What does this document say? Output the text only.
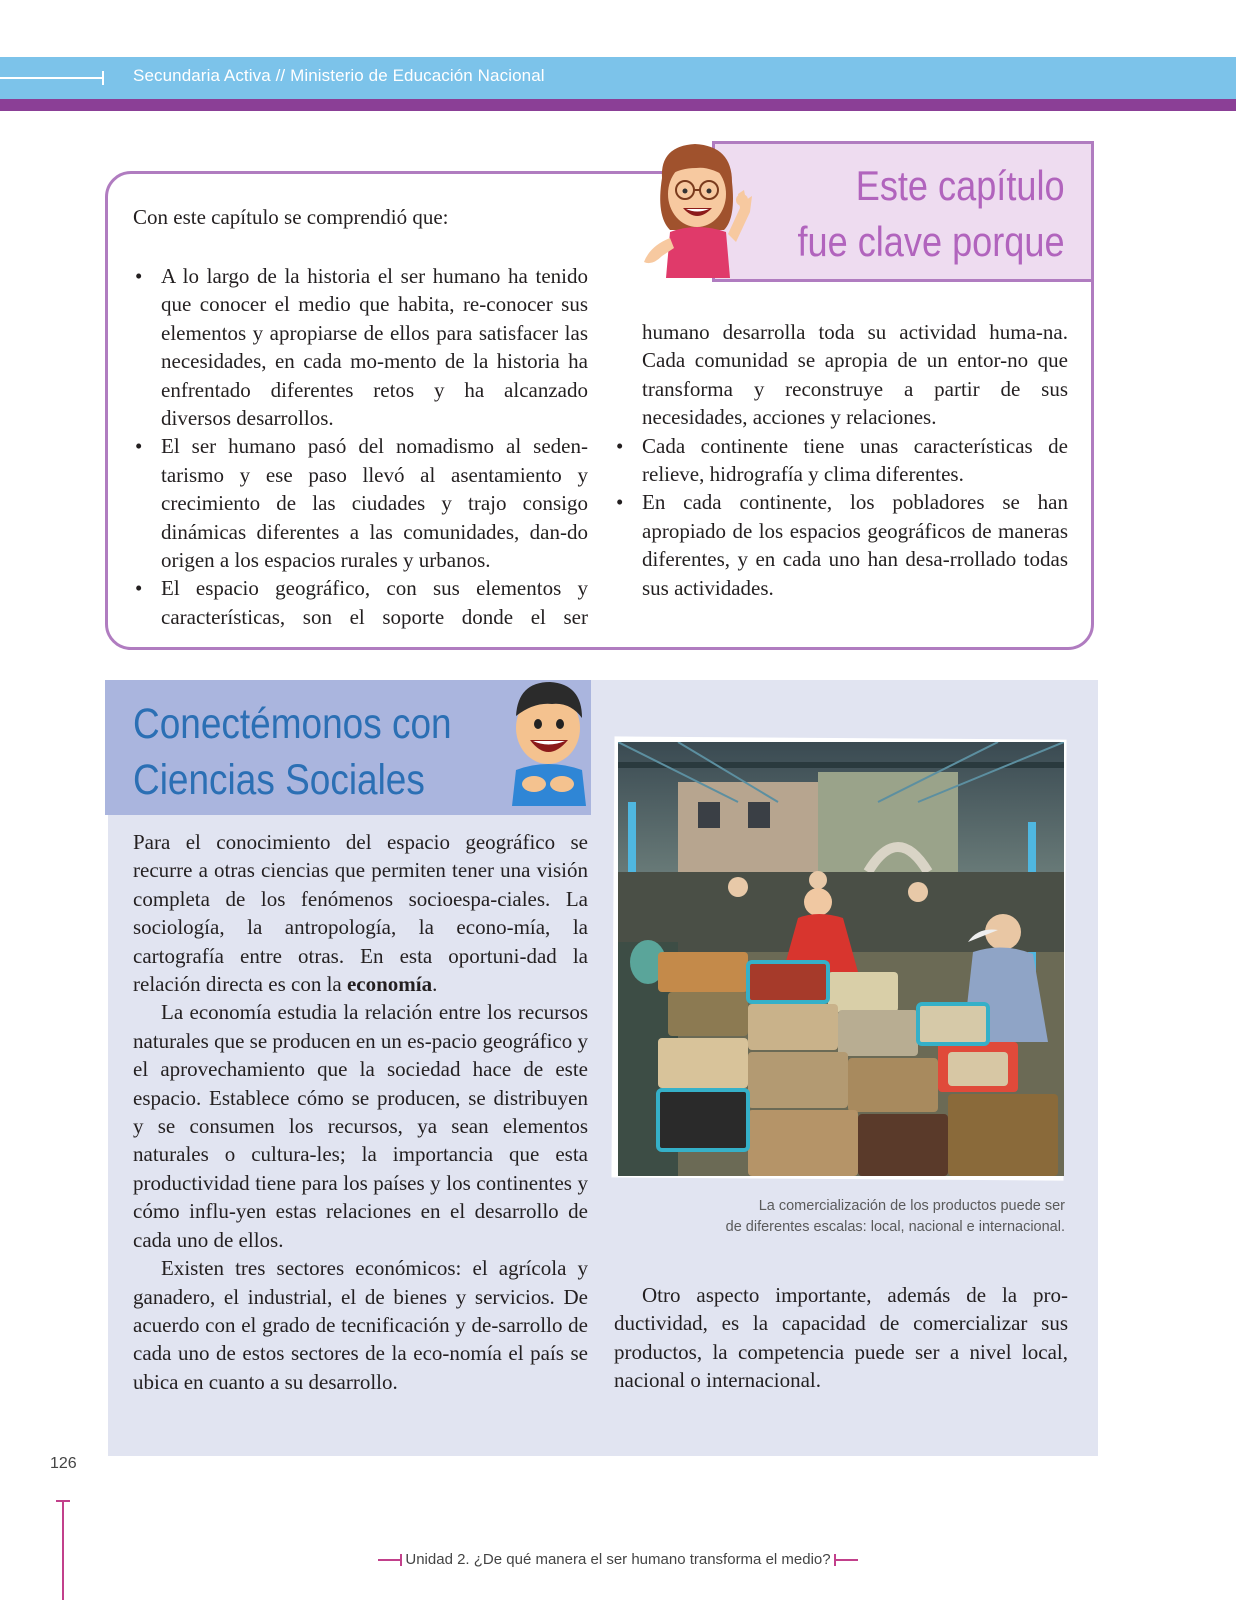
Secundaria Activa // Ministerio de Educación Nacional
Este capítulo
fue clave porque
Con este capítulo se comprendió que:
• A lo largo de la historia el ser humano ha tenido que conocer el medio que habita, re-conocer sus elementos y apropiarse de ellos para satisfacer las necesidades, en cada mo-mento de la historia ha enfrentado diferentes retos y ha alcanzado diversos desarrollos.
• El ser humano pasó del nomadismo al seden-tarismo y ese paso llevó al asentamiento y crecimiento de las ciudades y trajo consigo dinámicas diferentes a las comunidades, dan-do origen a los espacios rurales y urbanos.
• El espacio geográfico, con sus elementos y características, son el soporte donde el ser

humano desarrolla toda su actividad huma-na. Cada comunidad se apropia de un entor-no que transforma y reconstruye a partir de sus necesidades, acciones y relaciones.

• Cada continente tiene unas características de relieve, hidrografía y clima diferentes.
• En cada continente, los pobladores se han apropiado de los espacios geográficos de maneras diferentes, y en cada uno han desa-rrollado todas sus actividades.
Conectémonos con
Ciencias Sociales

Para el conocimiento del espacio geográfico se recurre a otras ciencias que permiten tener una visión completa de los fenómenos socioespa-ciales. La sociología, la antropología, la econo-mía, la cartografía entre otras. En esta oportuni-dad la relación directa es con la economía.

La economía estudia la relación entre los recursos naturales que se producen en un es-pacio geográfico y el aprovechamiento que la sociedad hace de este espacio. Establece cómo se producen, se distribuyen y se consumen los recursos, ya sean elementos naturales o cultura-les; la importancia que esta productividad tiene para los países y los continentes y cómo influ-yen estas relaciones en el desarrollo de cada uno de ellos.

Existen tres sectores económicos: el agrícola y ganadero, el industrial, el de bienes y servicios. De acuerdo con el grado de tecnificación y de-sarrollo de cada uno de estos sectores de la eco-nomía el país se ubica en cuanto a su desarrollo.

La comercialización de los productos puede ser
de diferentes escalas: local, nacional e internacional.

Otro aspecto importante, además de la pro-ductividad, es la capacidad de comercializar sus productos, la competencia puede ser a nivel local, nacional o internacional.

126
Unidad 2. ¿De qué manera el ser humano transforma el medio?
